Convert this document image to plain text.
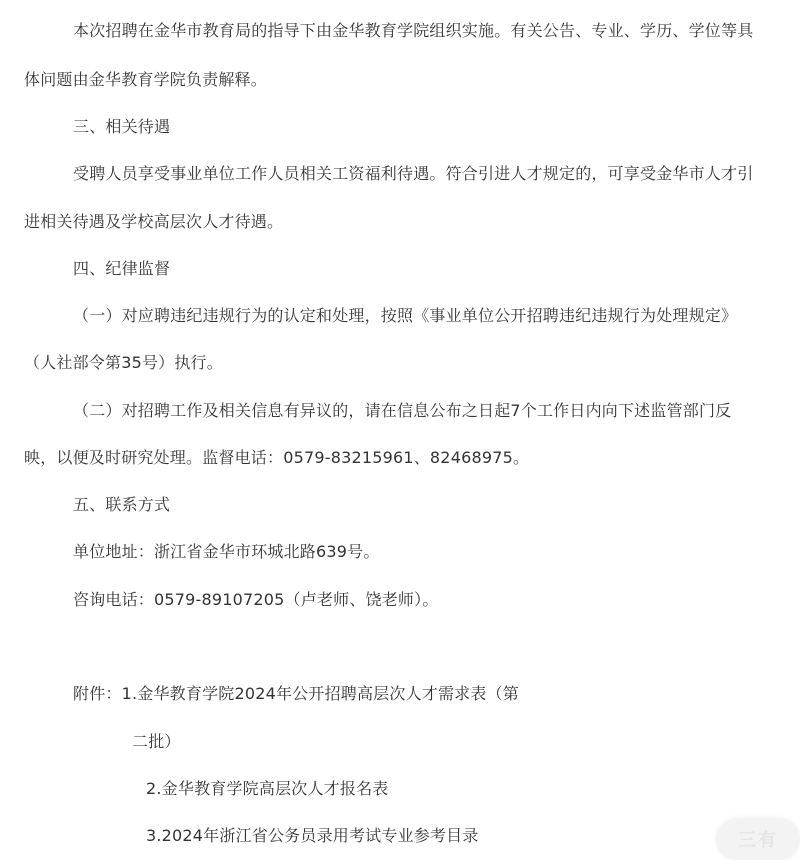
本次招聘在金华市教育局的指导下由金华教育学院组织实施。有关公告、专业、学历、学位等具
体问题由金华教育学院负责解释。
三、相关待遇
受聘人员享受事业单位工作人员相关工资福利待遇。符合引进人才规定的，可享受金华市人才引
进相关待遇及学校高层次人才待遇。
四、纪律监督
（一）对应聘违纪违规行为的认定和处理，按照《事业单位公开招聘违纪违规行为处理规定》
（人社部令第35号）执行。
（二）对招聘工作及相关信息有异议的，请在信息公布之日起7个工作日内向下述监管部门反
映，以便及时研究处理。监督电话：0579-83215961、82468975。
五、联系方式
单位地址：浙江省金华市环城北路639号。
咨询电话：0579-89107205（卢老师、饶老师）。
附件：1.金华教育学院2024年公开招聘高层次人才需求表（第
二批）
2.金华教育学院高层次人才报名表
3.2024年浙江省公务员录用考试专业参考目录	三有
